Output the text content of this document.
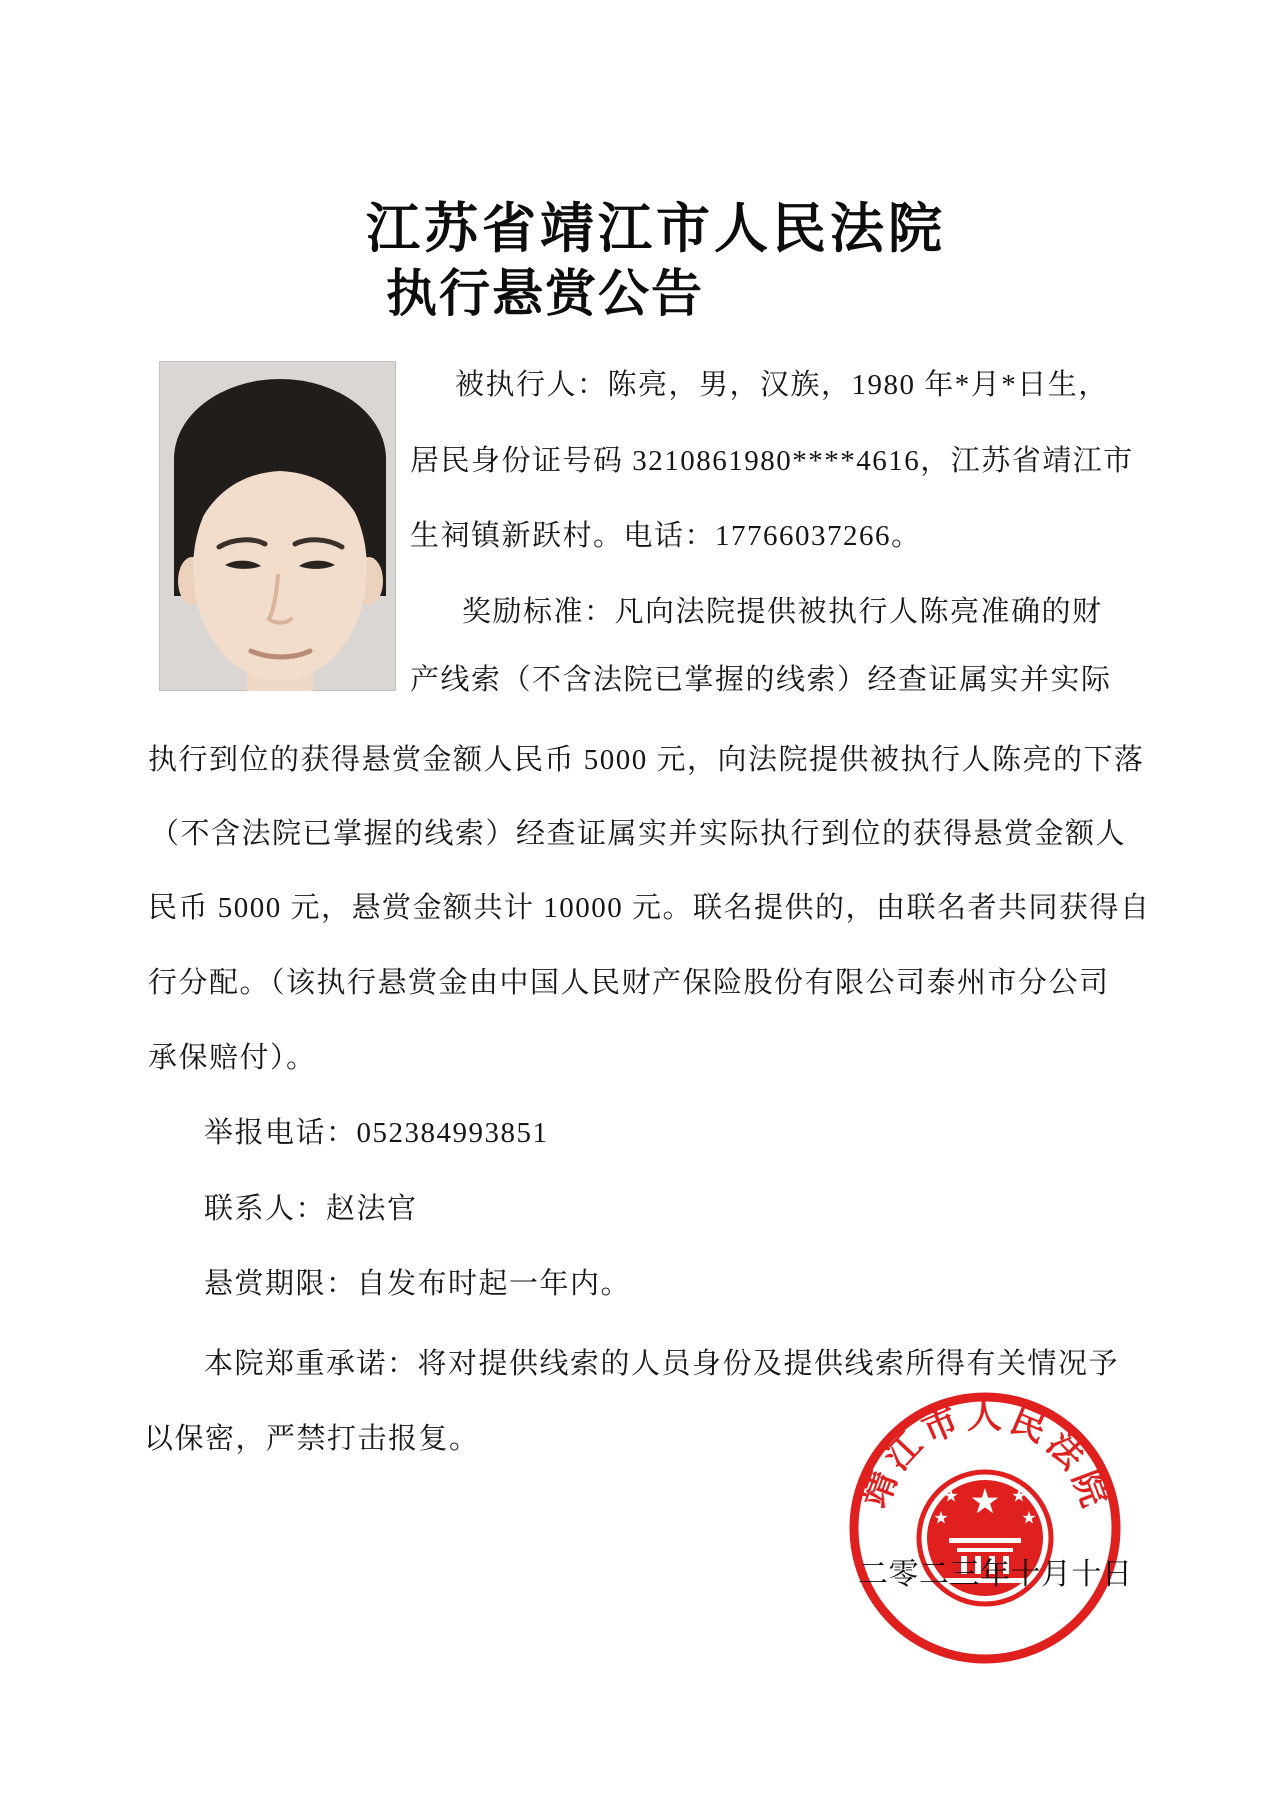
江苏省靖江市人民法院
执行悬赏公告
被执行人：陈亮，男，汉族，1980 年*月*日生，
居民身份证号码 3210861980****4616，江苏省靖江市
生祠镇新跃村。电话：17766037266。
奖励标准：凡向法院提供被执行人陈亮准确的财
产线索（不含法院已掌握的线索）经查证属实并实际
执行到位的获得悬赏金额人民币 5000 元，向法院提供被执行人陈亮的下落
（不含法院已掌握的线索）经查证属实并实际执行到位的获得悬赏金额人
民币 5000 元，悬赏金额共计 10000 元。联名提供的，由联名者共同获得自
行分配。（该执行悬赏金由中国人民财产保险股份有限公司泰州市分公司
承保赔付）。
举报电话：052384993851
联系人：赵法官
悬赏期限：自发布时起一年内。
本院郑重承诺：将对提供线索的人员身份及提供线索所得有关情况予
以保密，严禁打击报复。
靖江市人民法院
二零二三年十月十日
